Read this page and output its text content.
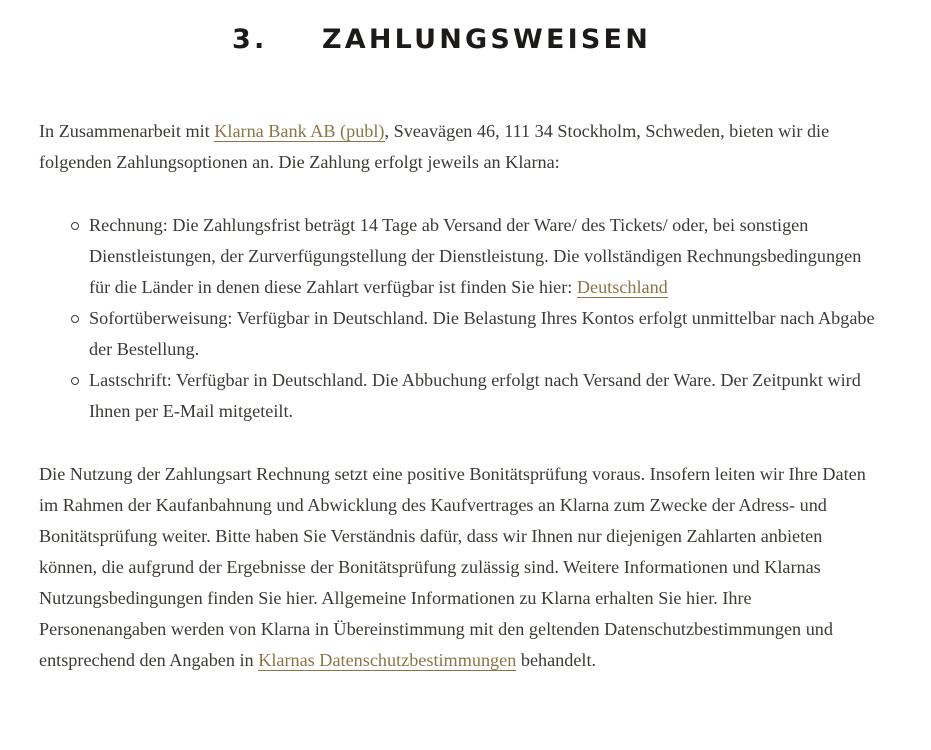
3. ZAHLUNGSWEISEN

In Zusammenarbeit mit Klarna Bank AB (publ), Sveavägen 46, 111 34 Stockholm, Schweden, bieten wir die folgenden Zahlungsoptionen an. Die Zahlung erfolgt jeweils an Klarna:

Rechnung: Die Zahlungsfrist beträgt 14 Tage ab Versand der Ware/ des Tickets/ oder, bei sonstigen Dienstleistungen, der Zurverfügungstellung der Dienstleistung. Die vollständigen Rechnungsbedingungen für die Länder in denen diese Zahlart verfügbar ist finden Sie hier: Deutschland
Sofortüberweisung: Verfügbar in Deutschland. Die Belastung Ihres Kontos erfolgt unmittelbar nach Abgabe der Bestellung.
Lastschrift: Verfügbar in Deutschland. Die Abbuchung erfolgt nach Versand der Ware. Der Zeitpunkt wird Ihnen per E-Mail mitgeteilt.

Die Nutzung der Zahlungsart Rechnung setzt eine positive Bonitätsprüfung voraus. Insofern leiten wir Ihre Daten im Rahmen der Kaufanbahnung und Abwicklung des Kaufvertrages an Klarna zum Zwecke der Adress- und Bonitätsprüfung weiter. Bitte haben Sie Verständnis dafür, dass wir Ihnen nur diejenigen Zahlarten anbieten können, die aufgrund der Ergebnisse der Bonitätsprüfung zulässig sind. Weitere Informationen und Klarnas Nutzungsbedingungen finden Sie hier. Allgemeine Informationen zu Klarna erhalten Sie hier. Ihre Personenangaben werden von Klarna in Übereinstimmung mit den geltenden Datenschutzbestimmungen und entsprechend den Angaben in Klarnas Datenschutzbestimmungen behandelt.
